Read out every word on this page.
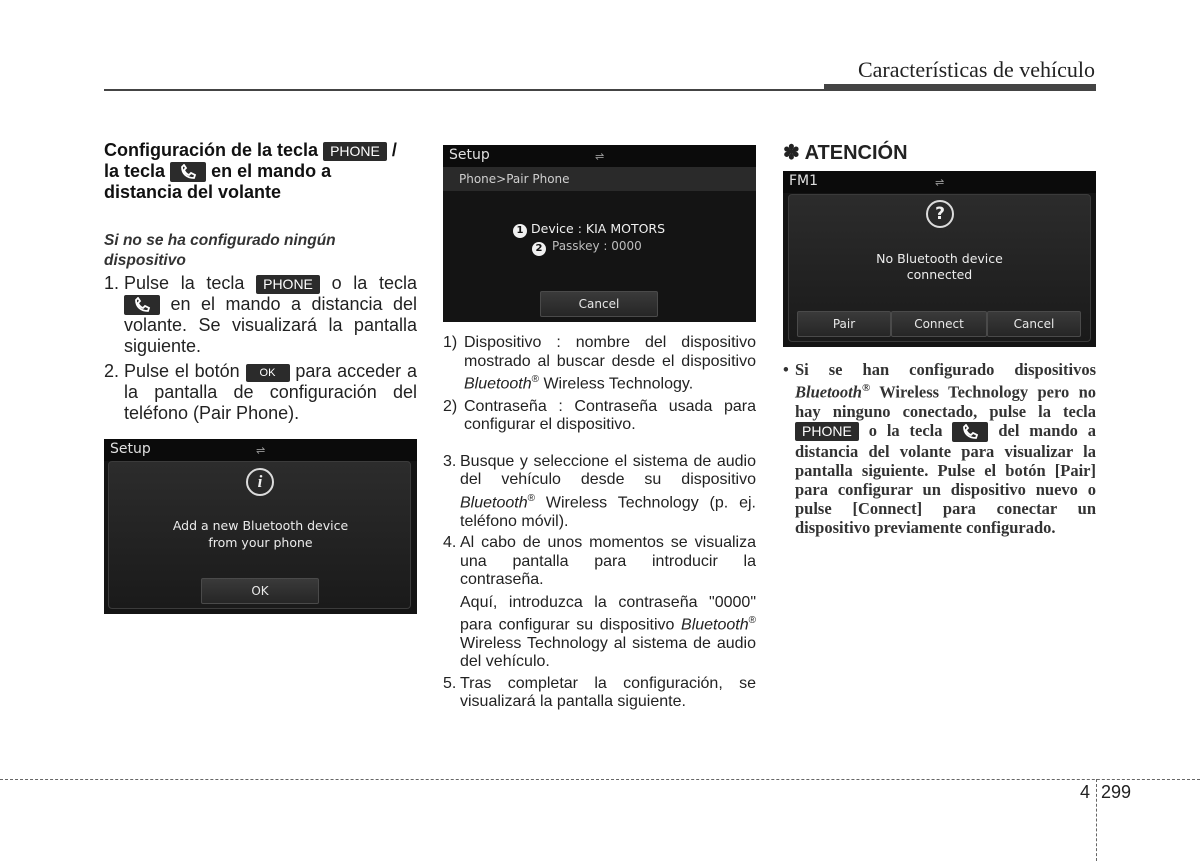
Características de vehículo
Configuración de la tecla PHONE /
la tecla	en el mando a
distancia del volante
Si no se ha configurado ningún dispositivo
1. Pulse la tecla PHONE o la tecla
en el mando a distancia del volante. Se visualizará la pantalla siguiente.
2. Pulse el botón OK para acceder a la pantalla de configuración del teléfono (Pair Phone).
Setup	⇌
i
Add a new Bluetooth device
from your phone
OK
Setup	⇌
Phone>Pair Phone
1 Device : KIA MOTORS
2 Passkey : 0000
Cancel
1) Dispositivo : nombre del dispositivo mostrado al buscar desde el dispositivo Bluetooth® Wireless Technology.
2) Contraseña : Contraseña usada para configurar el dispositivo.
3. Busque y seleccione el sistema de audio del vehículo desde su dispositivo Bluetooth® Wireless Technology (p. ej. teléfono móvil).
4. Al cabo de unos momentos se visualiza una pantalla para introducir la contraseña.
Aquí, introduzca la contraseña "0000" para configurar su dispositivo Bluetooth® Wireless Technology al sistema de audio del vehículo.
5. Tras completar la configuración, se visualizará la pantalla siguiente.
✽ ATENCIÓN
FM1	⇌
?
No Bluetooth device
connected
Pair	Connect	Cancel
• Si se han configurado dispositivos Bluetooth® Wireless Technology pero no hay ninguno conectado, pulse la tecla PHONE o la tecla	del mando a distancia del volante para visualizar la pantalla siguiente. Pulse el botón [Pair] para configurar un dispositivo nuevo o pulse [Connect] para conectar un dispositivo previamente configurado.
4 299
